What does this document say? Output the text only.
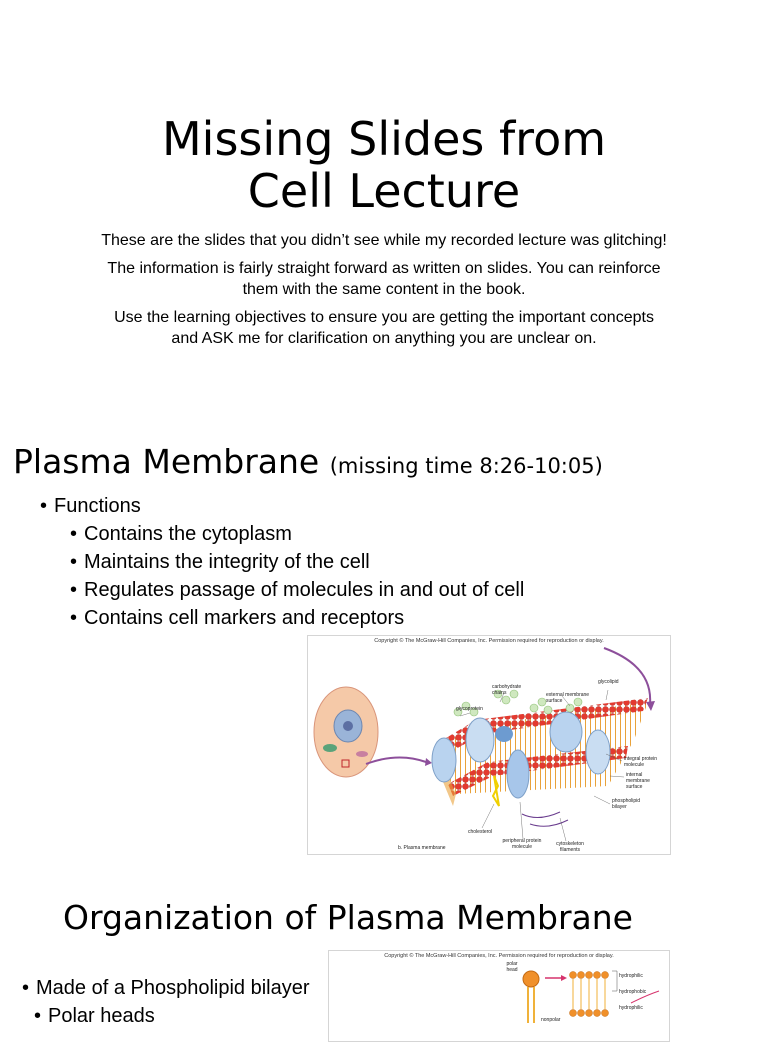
Missing Slides from
Cell Lecture

These are the slides that you didn’t see while my recorded lecture was glitching!

The information is fairly straight forward as written on slides. You can reinforce them with the same content in the book.

Use the learning objectives to ensure you are getting the important concepts and ASK me for clarification on anything you are unclear on.

Plasma Membrane (missing time 8:26-10:05)
• Functions
• Contains the cytoplasm
• Maintains the integrity of the cell
• Regulates passage of molecules in and out of cell
• Contains cell markers and receptors
Copyright © The McGraw-Hill Companies, Inc. Permission required for reproduction or display.
glycolipid
carbohydrate chains	external membrane surface
glycoprotein
integral protein molecule
internal membrane surface
phospholipid bilayer
cholesterol
peripheral protein molecule	cytoskeleton filaments
b. Plasma membrane
Organization of Plasma Membrane
• Made of a Phospholipid bilayer
• Polar heads
Copyright © The McGraw-Hill Companies, Inc. Permission required for reproduction or display.
polar head
hydrophilic
hydrophobic
hydrophilic
nonpolar
